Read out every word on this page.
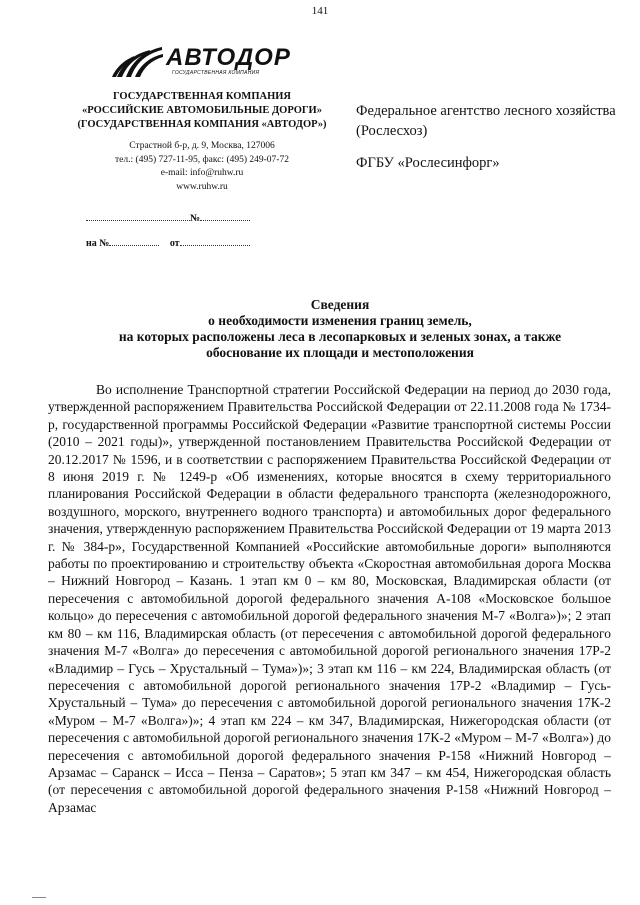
141
АВТОДОР
ГОСУДАРСТВЕННАЯ КОМПАНИЯ
ГОСУДАРСТВЕННАЯ КОМПАНИЯ
«РОССИЙСКИЕ АВТОМОБИЛЬНЫЕ ДОРОГИ»
(ГОСУДАРСТВЕННАЯ КОМПАНИЯ «АВТОДОР»)
Страстной б-р, д. 9, Москва, 127006
тел.: (495) 727-11-95, факс: (495) 249-07-72
e-mail: info@ruhw.ru
www.ruhw.ru
№
на №	от
Федеральное агентство лесного хозяйства (Рослесхоз)
ФГБУ «Рослесинфорг»
Сведения
о необходимости изменения границ земель,
на которых расположены леса в лесопарковых и зеленых зонах, а также
обоснование их площади и местоположения

Во исполнение Транспортной стратегии Российской Федерации на период до 2030 года, утвержденной распоряжением Правительства Российской Федерации от 22.11.2008 года № 1734-р, государственной программы Российской Федерации «Развитие транспортной системы России (2010 – 2021 годы)», утвержденной постановлением Правительства Российской Федерации от 20.12.2017 № 1596, и в соответствии с распоряжением Правительства Российской Федерации от 8 июня 2019 г. № 1249-р «Об изменениях, которые вносятся в схему территориального планирования Российской Федерации в области федерального транспорта (железнодорожного, воздушного, морского, внутреннего водного транспорта) и автомобильных дорог федерального значения, утвержденную распоряжением Правительства Российской Федерации от 19 марта 2013 г. № 384-р», Государственной Компанией «Российские автомобильные дороги» выполняются работы по проектированию и строительству объекта «Скоростная автомобильная дорога Москва – Нижний Новгород – Казань. 1 этап км 0 – км 80, Московская, Владимирская области (от пересечения с автомобильной дорогой федерального значения А-108 «Московское большое кольцо» до пересечения с автомобильной дорогой федерального значения М-7 «Волга»)»; 2 этап км 80 – км 116, Владимирская область (от пересечения с автомобильной дорогой федерального значения М-7 «Волга» до пересечения с автомобильной дорогой регионального значения 17Р-2 «Владимир – Гусь – Хрустальный – Тума»)»; 3 этап км 116 – км 224, Владимирская область (от пересечения с автомобильной дорогой регионального значения 17Р-2 «Владимир – Гусь-Хрустальный – Тума» до пересечения с автомобильной дорогой регионального значения 17К-2 «Муром – М-7 «Волга»)»; 4 этап км 224 – км 347, Владимирская, Нижегородская области (от пересечения с автомобильной дорогой регионального значения 17К-2 «Муром – М-7 «Волга») до пересечения с автомобильной дорогой федерального значения Р-158 «Нижний Новгород – Арзамас – Саранск – Исса – Пенза – Саратов»; 5 этап км 347 – км 454, Нижегородская область (от пересечения с автомобильной дорогой федерального значения Р-158 «Нижний Новгород – Арзамас
